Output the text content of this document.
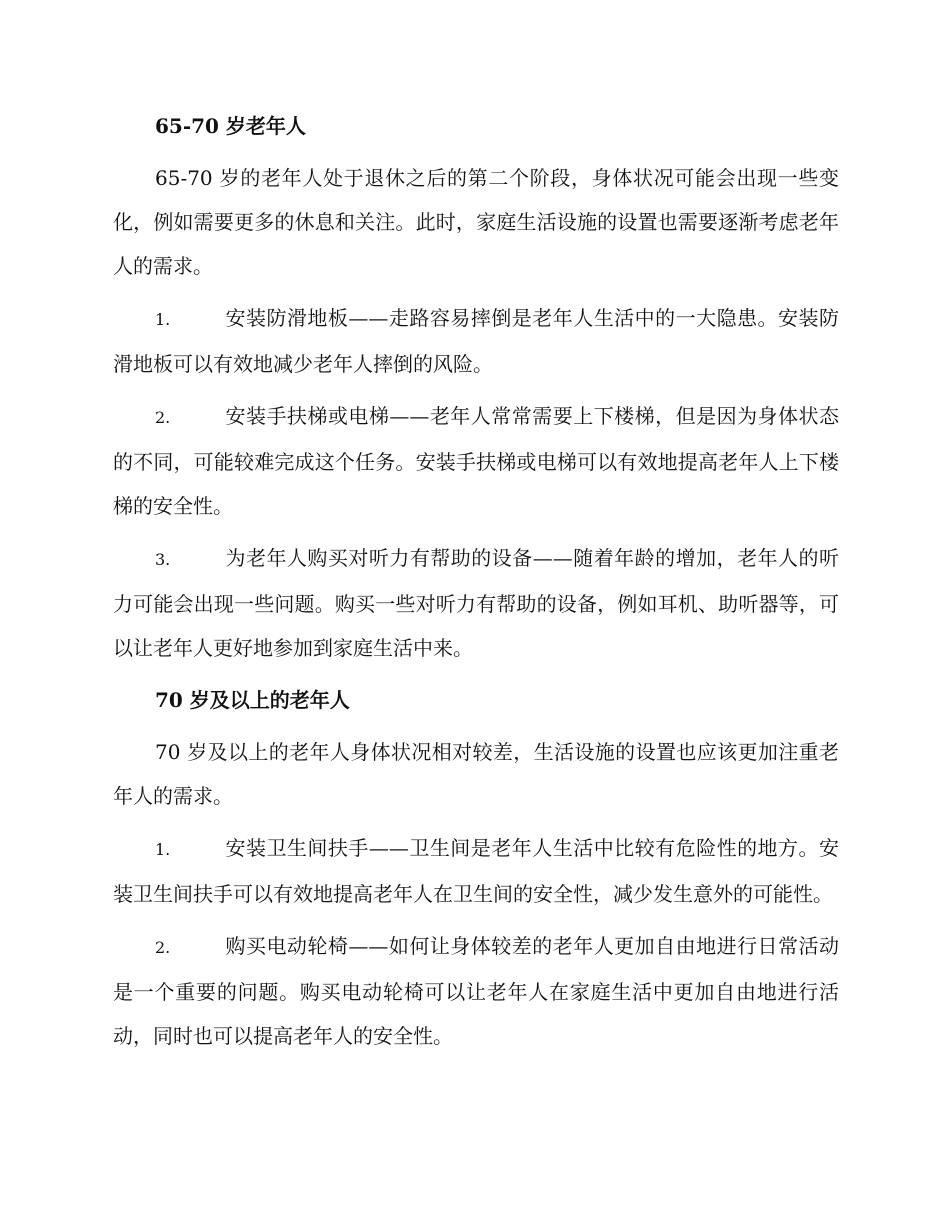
65-70 岁老年人
65-70 岁的老年人处于退休之后的第二个阶段，身体状况可能会出现一些变化，例如需要更多的休息和关注。此时，家庭生活设施的设置也需要逐渐考虑老年人的需求。
1.	安装防滑地板——走路容易摔倒是老年人生活中的一大隐患。安装防滑地板可以有效地减少老年人摔倒的风险。
2.	安装手扶梯或电梯——老年人常常需要上下楼梯，但是因为身体状态的不同，可能较难完成这个任务。安装手扶梯或电梯可以有效地提高老年人上下楼梯的安全性。
3.	为老年人购买对听力有帮助的设备——随着年龄的增加，老年人的听力可能会出现一些问题。购买一些对听力有帮助的设备，例如耳机、助听器等，可以让老年人更好地参加到家庭生活中来。
70 岁及以上的老年人
70 岁及以上的老年人身体状况相对较差，生活设施的设置也应该更加注重老年人的需求。
1.	安装卫生间扶手——卫生间是老年人生活中比较有危险性的地方。安装卫生间扶手可以有效地提高老年人在卫生间的安全性，减少发生意外的可能性。
2.	购买电动轮椅——如何让身体较差的老年人更加自由地进行日常活动是一个重要的问题。购买电动轮椅可以让老年人在家庭生活中更加自由地进行活动，同时也可以提高老年人的安全性。
